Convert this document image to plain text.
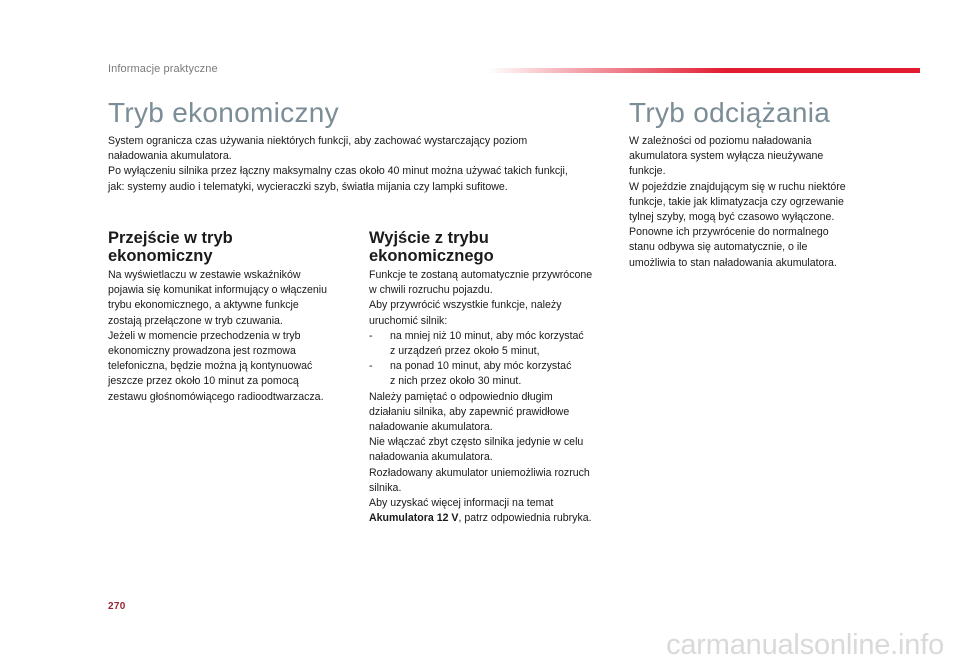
Informacje praktyczne
Tryb ekonomiczny

System ogranicza czas używania niektórych funkcji, aby zachować wystarczający poziom

naładowania akumulatora.

Po wyłączeniu silnika przez łączny maksymalny czas około 40 minut można używać takich funkcji,

jak: systemy audio i telematyki, wycieraczki szyb, światła mijania czy lampki sufitowe.

Przejście w tryb
ekonomiczny

Na wyświetlaczu w zestawie wskaźników

pojawia się komunikat informujący o włączeniu

trybu ekonomicznego, a aktywne funkcje

zostają przełączone w tryb czuwania.

Jeżeli w momencie przechodzenia w tryb

ekonomiczny prowadzona jest rozmowa

telefoniczna, będzie można ją kontynuować

jeszcze przez około 10 minut za pomocą

zestawu głośnomówiącego radioodtwarzacza.

Wyjście z trybu
ekonomicznego

Funkcje te zostaną automatycznie przywrócone

w chwili rozruchu pojazdu.

Aby przywrócić wszystkie funkcje, należy

uruchomić silnik:

- na mniej niż 10 minut, aby móc korzystać

z urządzeń przez około 5 minut,

- na ponad 10 minut, aby móc korzystać

z nich przez około 30 minut.

Należy pamiętać o odpowiednio długim

działaniu silnika, aby zapewnić prawidłowe

naładowanie akumulatora.

Nie włączać zbyt często silnika jedynie w celu

naładowania akumulatora.

Rozładowany akumulator uniemożliwia rozruch

silnika.

Aby uzyskać więcej informacji na temat

Akumulatora 12 V, patrz odpowiednia rubryka.

Tryb odciążania

W zależności od poziomu naładowania

akumulatora system wyłącza nieużywane

funkcje.

W pojeździe znajdującym się w ruchu niektóre

funkcje, takie jak klimatyzacja czy ogrzewanie

tylnej szyby, mogą być czasowo wyłączone.

Ponowne ich przywrócenie do normalnego

stanu odbywa się automatycznie, o ile

umożliwia to stan naładowania akumulatora.

270
carmanualsonline.info
